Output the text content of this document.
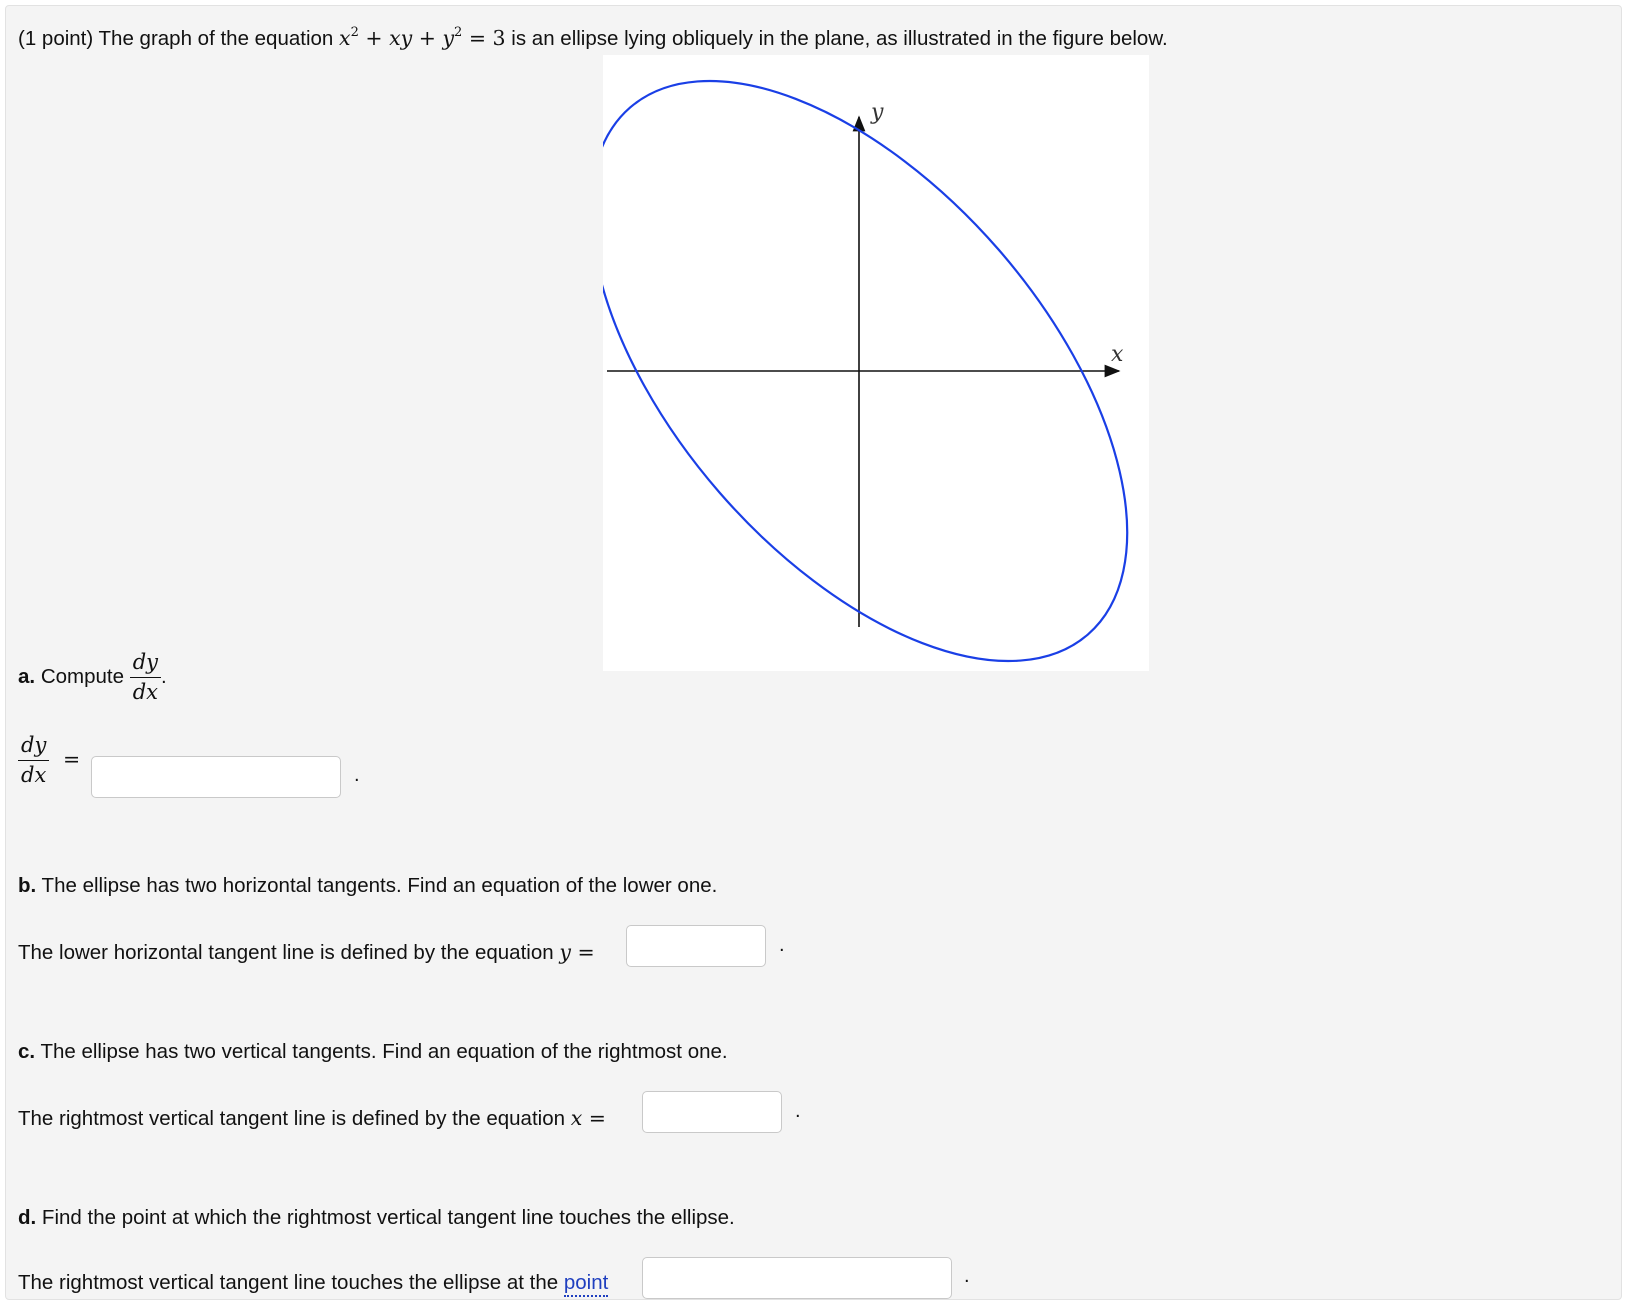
(1 point) The graph of the equation $x^2$ + xy + $y^2 = 3$ is an ellipse lying obliquely in the plane, as illustrated in the figure below.
x
y
a. Compute $\frac{dy}{dx}$ .
$\frac{dy}{dx}$ =
.
b. The ellipse has two horizontal tangents. Find an equation of the lower one.
The lower horizontal tangent line is defined by the equation y =	.
c. The ellipse has two vertical tangents. Find an equation of the rightmost one.
The rightmost vertical tangent line is defined by the equation x =	.
d. Find the point at which the rightmost vertical tangent line touches the ellipse.
The rightmost vertical tangent line touches the ellipse at the point	.
